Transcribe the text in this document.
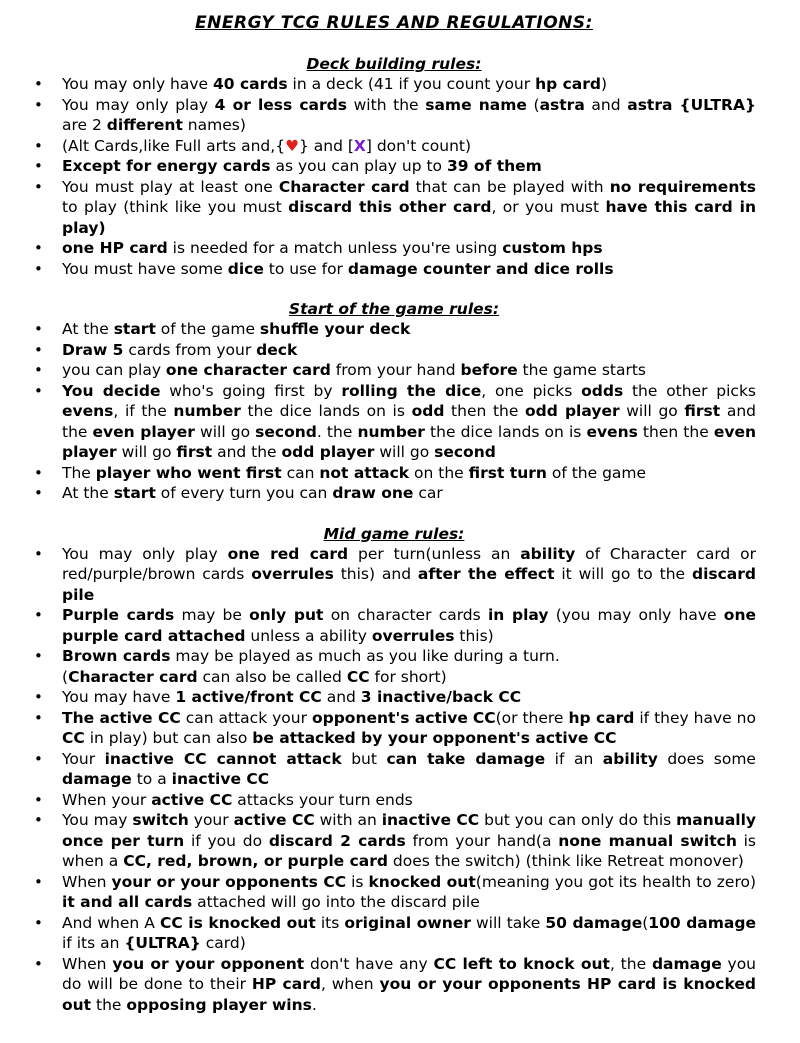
ENERGY TCG RULES AND REGULATIONS:
Deck building rules:
• You may only have 40 cards in a deck (41 if you count your hp card)
• You may only play 4 or less cards with the same name (astra and astra {ULTRA} are 2 different names)
• (Alt Cards,like Full arts and,{♥} and [X] don't count)
• Except for energy cards as you can play up to 39 of them
• You must play at least one Character card that can be played with no requirements to play (think like you must discard this other card, or you must have this card in play)
• one HP card is needed for a match unless you're using custom hps
• You must have some dice to use for damage counter and dice rolls
Start of the game rules:
• At the start of the game shuffle your deck
• Draw 5 cards from your deck
• you can play one character card from your hand before the game starts
• You decide who's going first by rolling the dice, one picks odds the other picks evens, if the number the dice lands on is odd then the odd player will go first and the even player will go second. the number the dice lands on is evens then the even player will go first and the odd player will go second
• The player who went first can not attack on the first turn of the game
• At the start of every turn you can draw one car
Mid game rules:
• You may only play one red card per turn(unless an ability of Character card or red/purple/brown cards overrules this) and after the effect it will go to the discard pile
• Purple cards may be only put on character cards in play (you may only have one purple card attached unless a ability overrules this)
• Brown cards may be played as much as you like during a turn.
(Character card can also be called CC for short)
• You may have 1 active/front CC and 3 inactive/back CC
• The active CC can attack your opponent's active CC(or there hp card if they have no CC in play) but can also be attacked by your opponent's active CC
• Your inactive CC cannot attack but can take damage if an ability does some damage to a inactive CC
• When your active CC attacks your turn ends
• You may switch your active CC with an inactive CC but you can only do this manually once per turn if you do discard 2 cards from your hand(a none manual switch is when a CC, red, brown, or purple card does the switch) (think like Retreat monover)
• When your or your opponents CC is knocked out(meaning you got its health to zero) it and all cards attached will go into the discard pile
• And when A CC is knocked out its original owner will take 50 damage(100 damage if its an {ULTRA} card)
• When you or your opponent don't have any CC left to knock out, the damage you do will be done to their HP card, when you or your opponents HP card is knocked out the opposing player wins.
